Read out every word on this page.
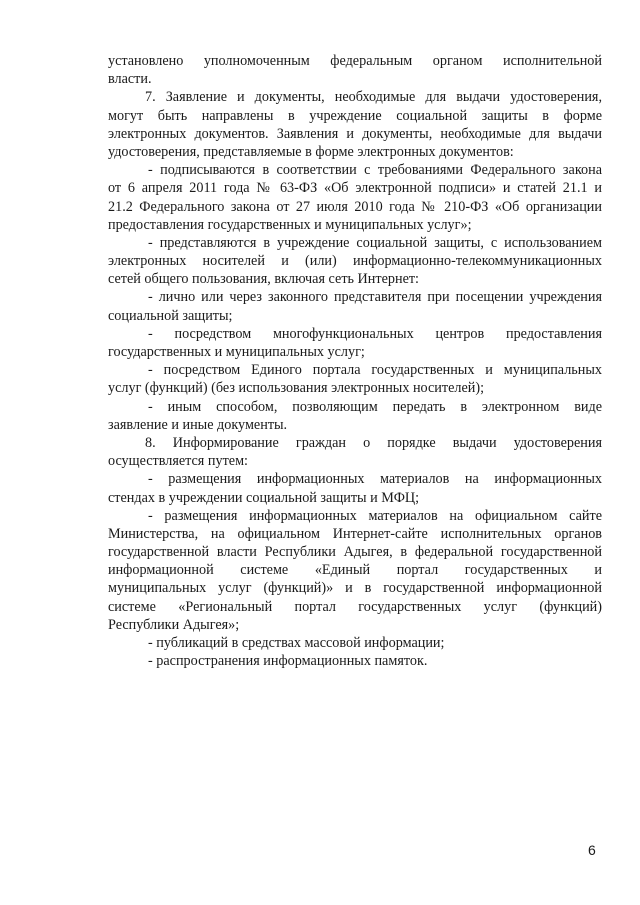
установлено уполномоченным федеральным органом исполнительной
власти.
7. Заявление и документы, необходимые для выдачи удостоверения,
могут быть направлены в учреждение социальной защиты в форме
электронных документов. Заявления и документы, необходимые для выдачи
удостоверения, представляемые в форме электронных документов:
- подписываются в соответствии с требованиями Федерального закона
от 6 апреля 2011 года № 63-ФЗ «Об электронной подписи» и статей 21.1 и
21.2 Федерального закона от 27 июля 2010 года № 210-ФЗ «Об организации
предоставления государственных и муниципальных услуг»;
- представляются в учреждение социальной защиты, с использованием
электронных носителей и (или) информационно-телекоммуникационных
сетей общего пользования, включая сеть Интернет:
- лично или через законного представителя при посещении учреждения
социальной защиты;
- посредством многофункциональных центров предоставления
государственных и муниципальных услуг;
- посредством Единого портала государственных и муниципальных
услуг (функций) (без использования электронных носителей);
- иным способом, позволяющим передать в электронном виде
заявление и иные документы.
8. Информирование граждан о порядке выдачи удостоверения
осуществляется путем:
- размещения информационных материалов на информационных
стендах в учреждении социальной защиты и МФЦ;
- размещения информационных материалов на официальном сайте
Министерства, на официальном Интернет-сайте исполнительных органов
государственной власти Республики Адыгея, в федеральной государственной
информационной системе «Единый портал государственных и
муниципальных услуг (функций)» и в государственной информационной
системе «Региональный портал государственных услуг (функций)
Республики Адыгея»;
- публикаций в средствах массовой информации;
- распространения информационных памяток.
6
